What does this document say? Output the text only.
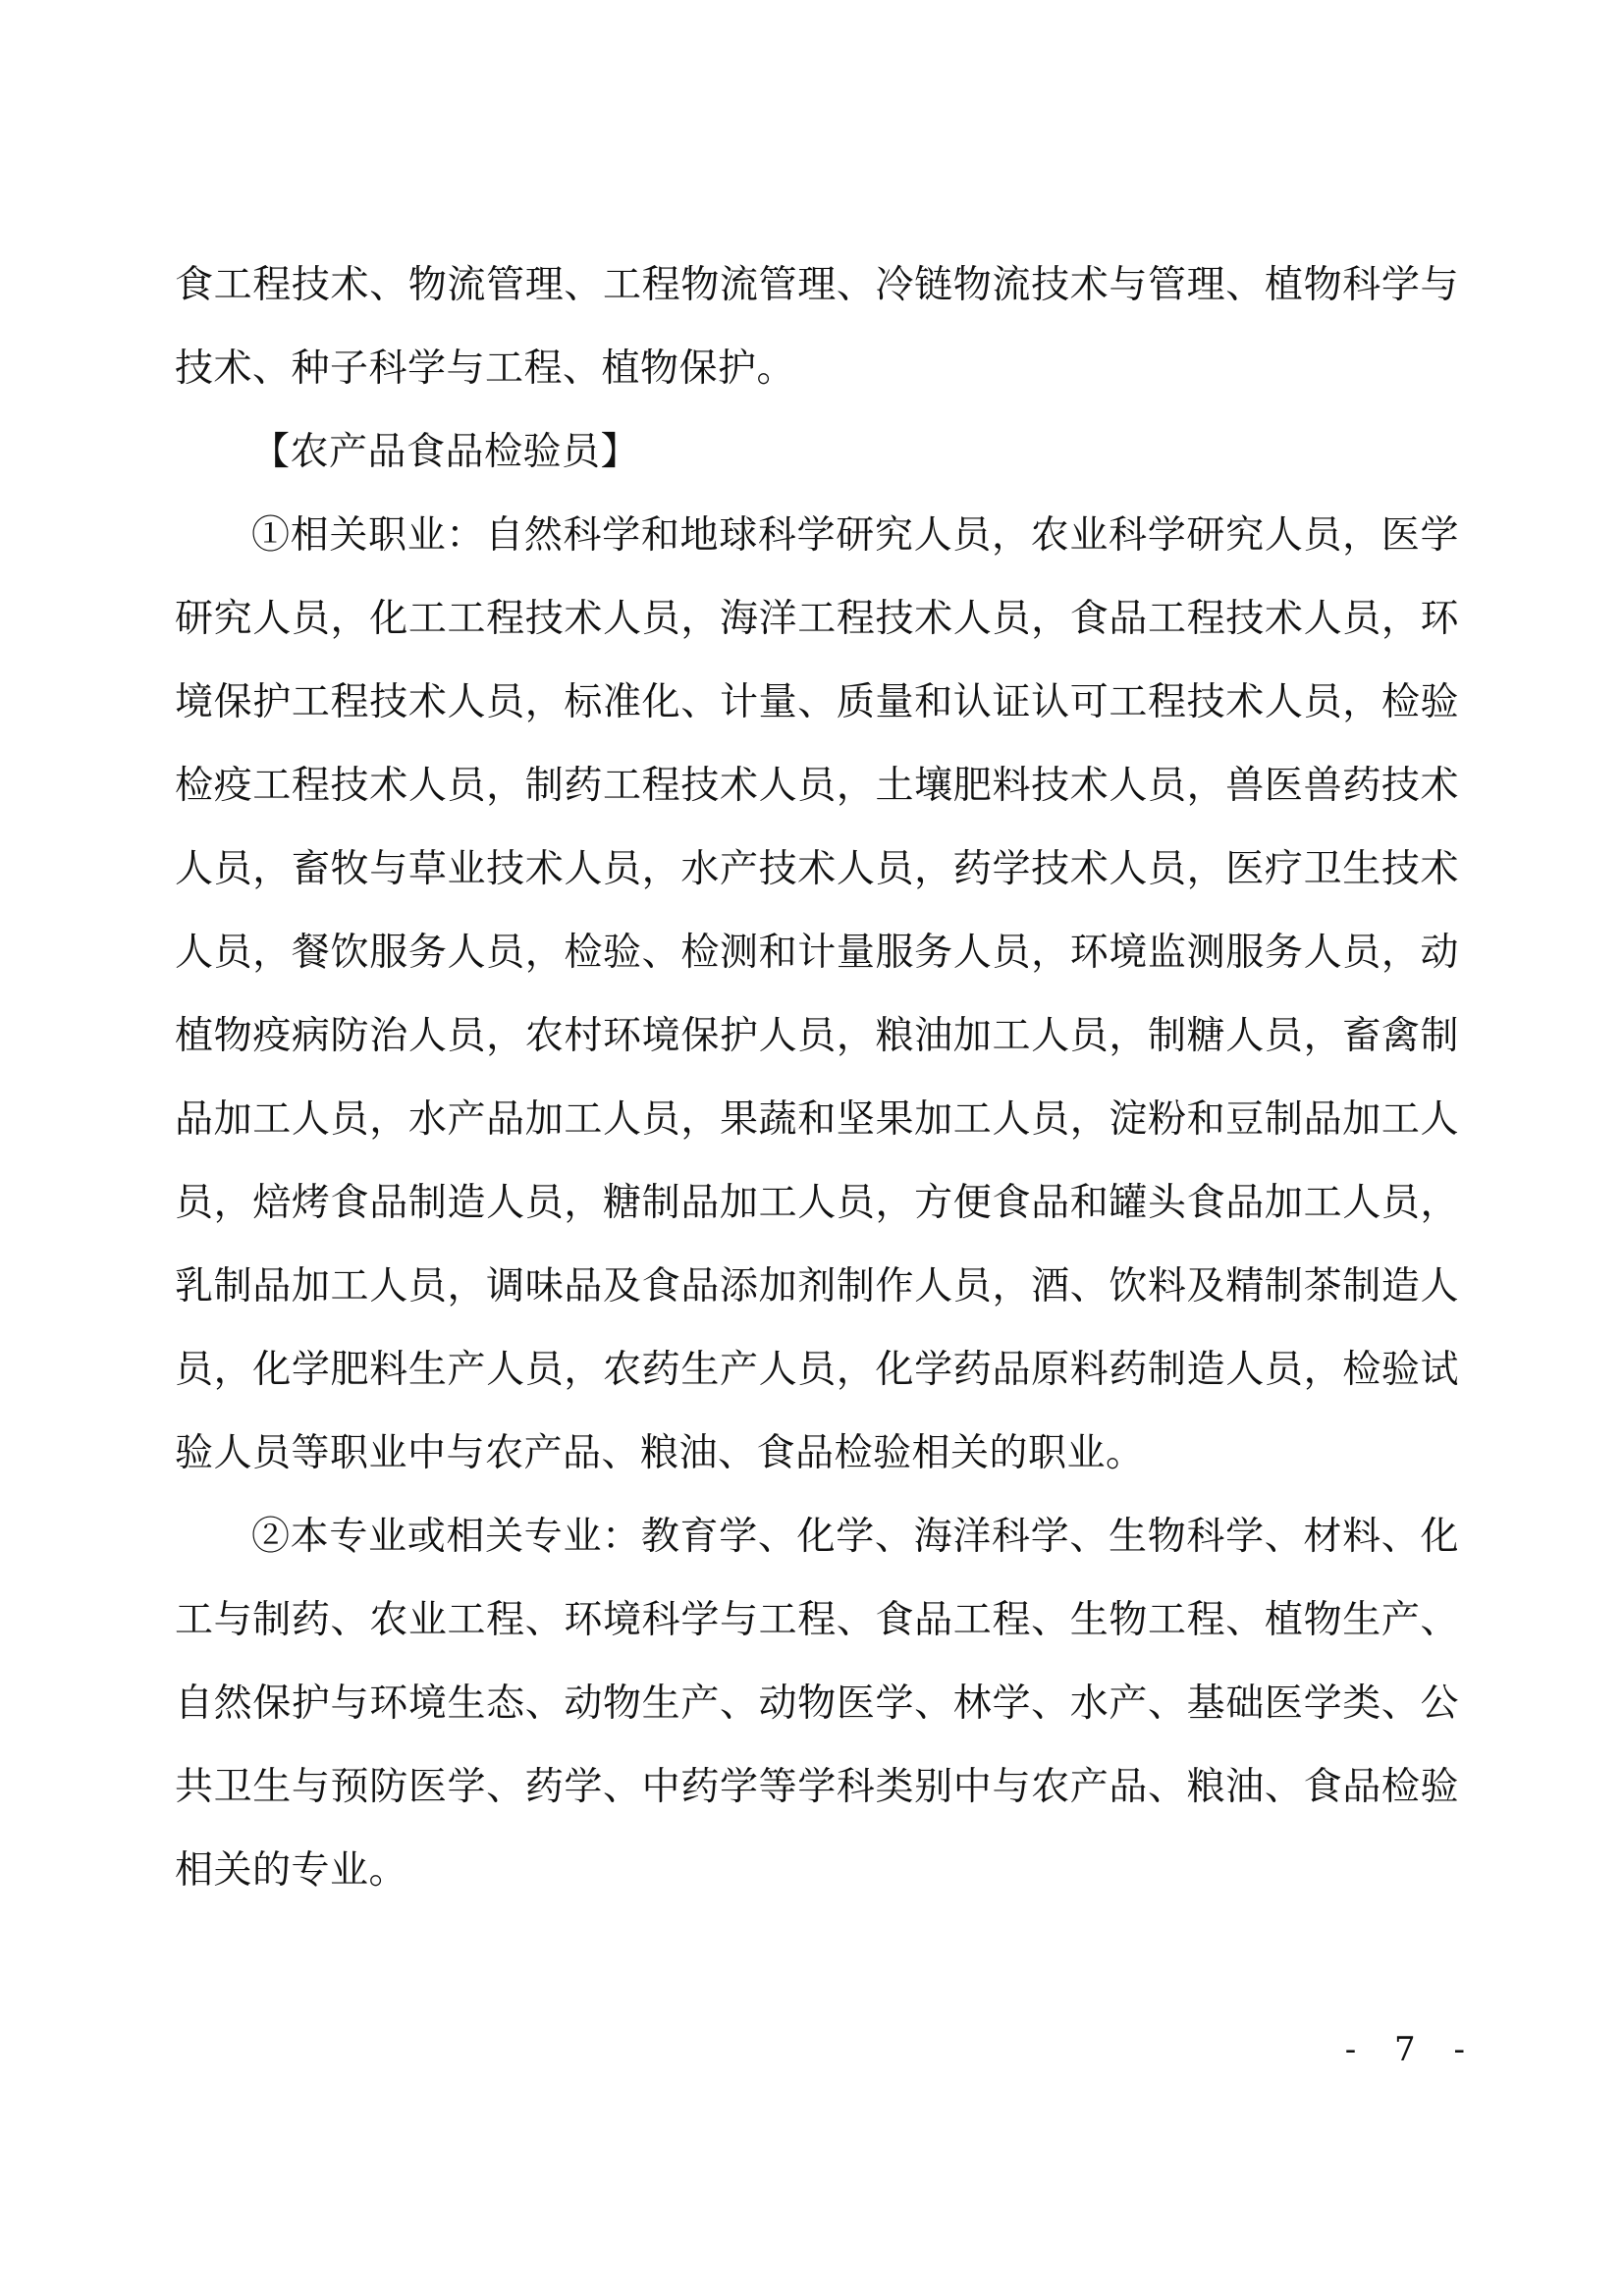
食工程技术、物流管理、工程物流管理、冷链物流技术与管理、植物科学与技术、种子科学与工程、植物保护。

【农产品食品检验员】

①相关职业：自然科学和地球科学研究人员，农业科学研究人员，医学研究人员，化工工程技术人员，海洋工程技术人员，食品工程技术人员，环境保护工程技术人员，标准化、计量、质量和认证认可工程技术人员，检验检疫工程技术人员，制药工程技术人员，土壤肥料技术人员，兽医兽药技术人员，畜牧与草业技术人员，水产技术人员，药学技术人员，医疗卫生技术人员，餐饮服务人员，检验、检测和计量服务人员，环境监测服务人员，动植物疫病防治人员，农村环境保护人员，粮油加工人员，制糖人员，畜禽制品加工人员，水产品加工人员，果蔬和坚果加工人员，淀粉和豆制品加工人员，焙烤食品制造人员，糖制品加工人员，方便食品和罐头食品加工人员，乳制品加工人员，调味品及食品添加剂制作人员，酒、饮料及精制茶制造人员，化学肥料生产人员，农药生产人员，化学药品原料药制造人员，检验试验人员等职业中与农产品、粮油、食品检验相关的职业。

②本专业或相关专业：教育学、化学、海洋科学、生物科学、材料、化工与制药、农业工程、环境科学与工程、食品工程、生物工程、植物生产、自然保护与环境生态、动物生产、动物医学、林学、水产、基础医学类、公共卫生与预防医学、药学、中药学等学科类别中与农产品、粮油、食品检验相关的专业。

- 7 -
